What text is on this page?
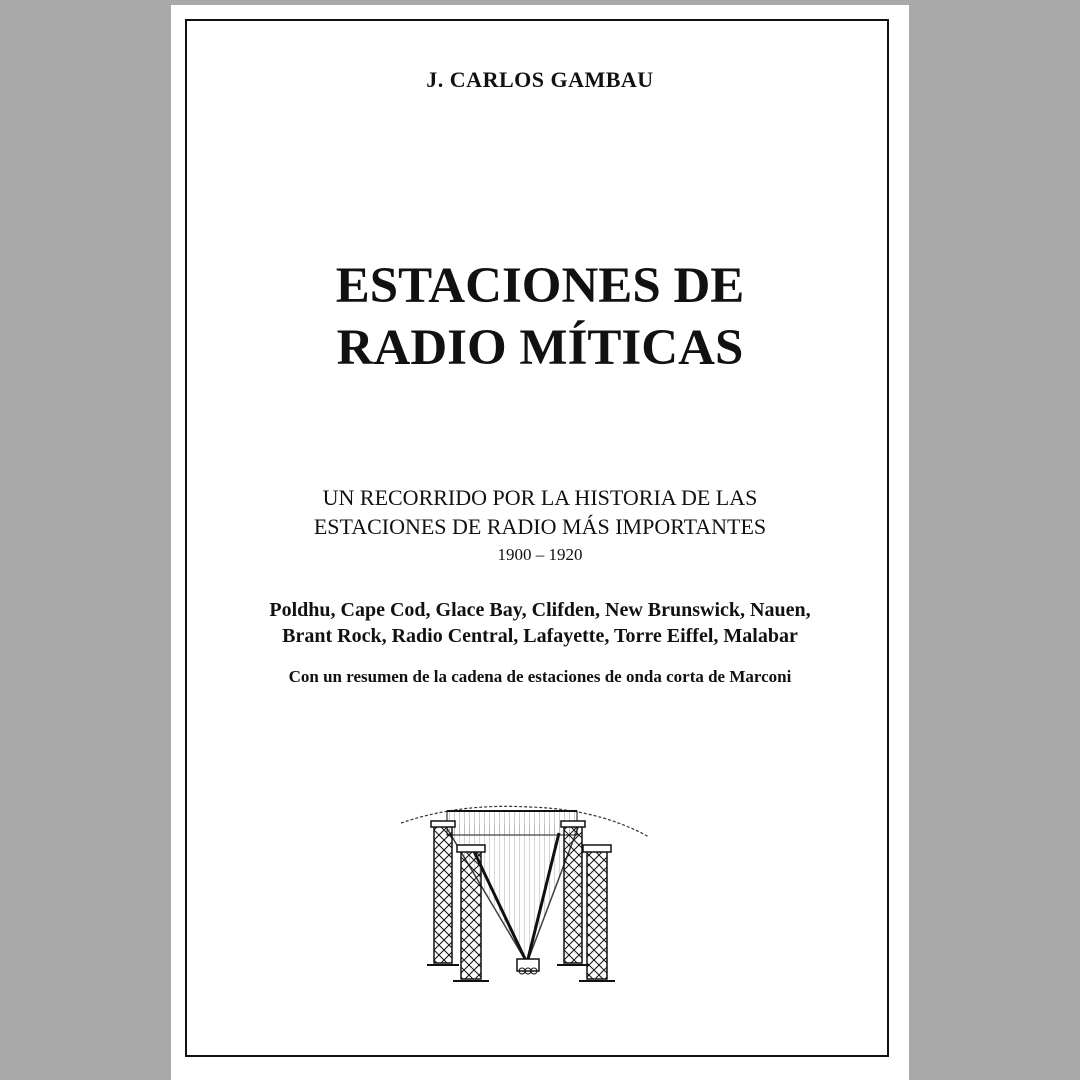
J. CARLOS GAMBAU
ESTACIONES DE
RADIO MÍTICAS
UN RECORRIDO POR LA HISTORIA DE LAS
ESTACIONES DE RADIO MÁS IMPORTANTES
1900 – 1920
Poldhu, Cape Cod, Glace Bay, Clifden, New Brunswick, Nauen,
Brant Rock, Radio Central, Lafayette, Torre Eiffel, Malabar
Con un resumen de la cadena de estaciones de onda corta de Marconi
